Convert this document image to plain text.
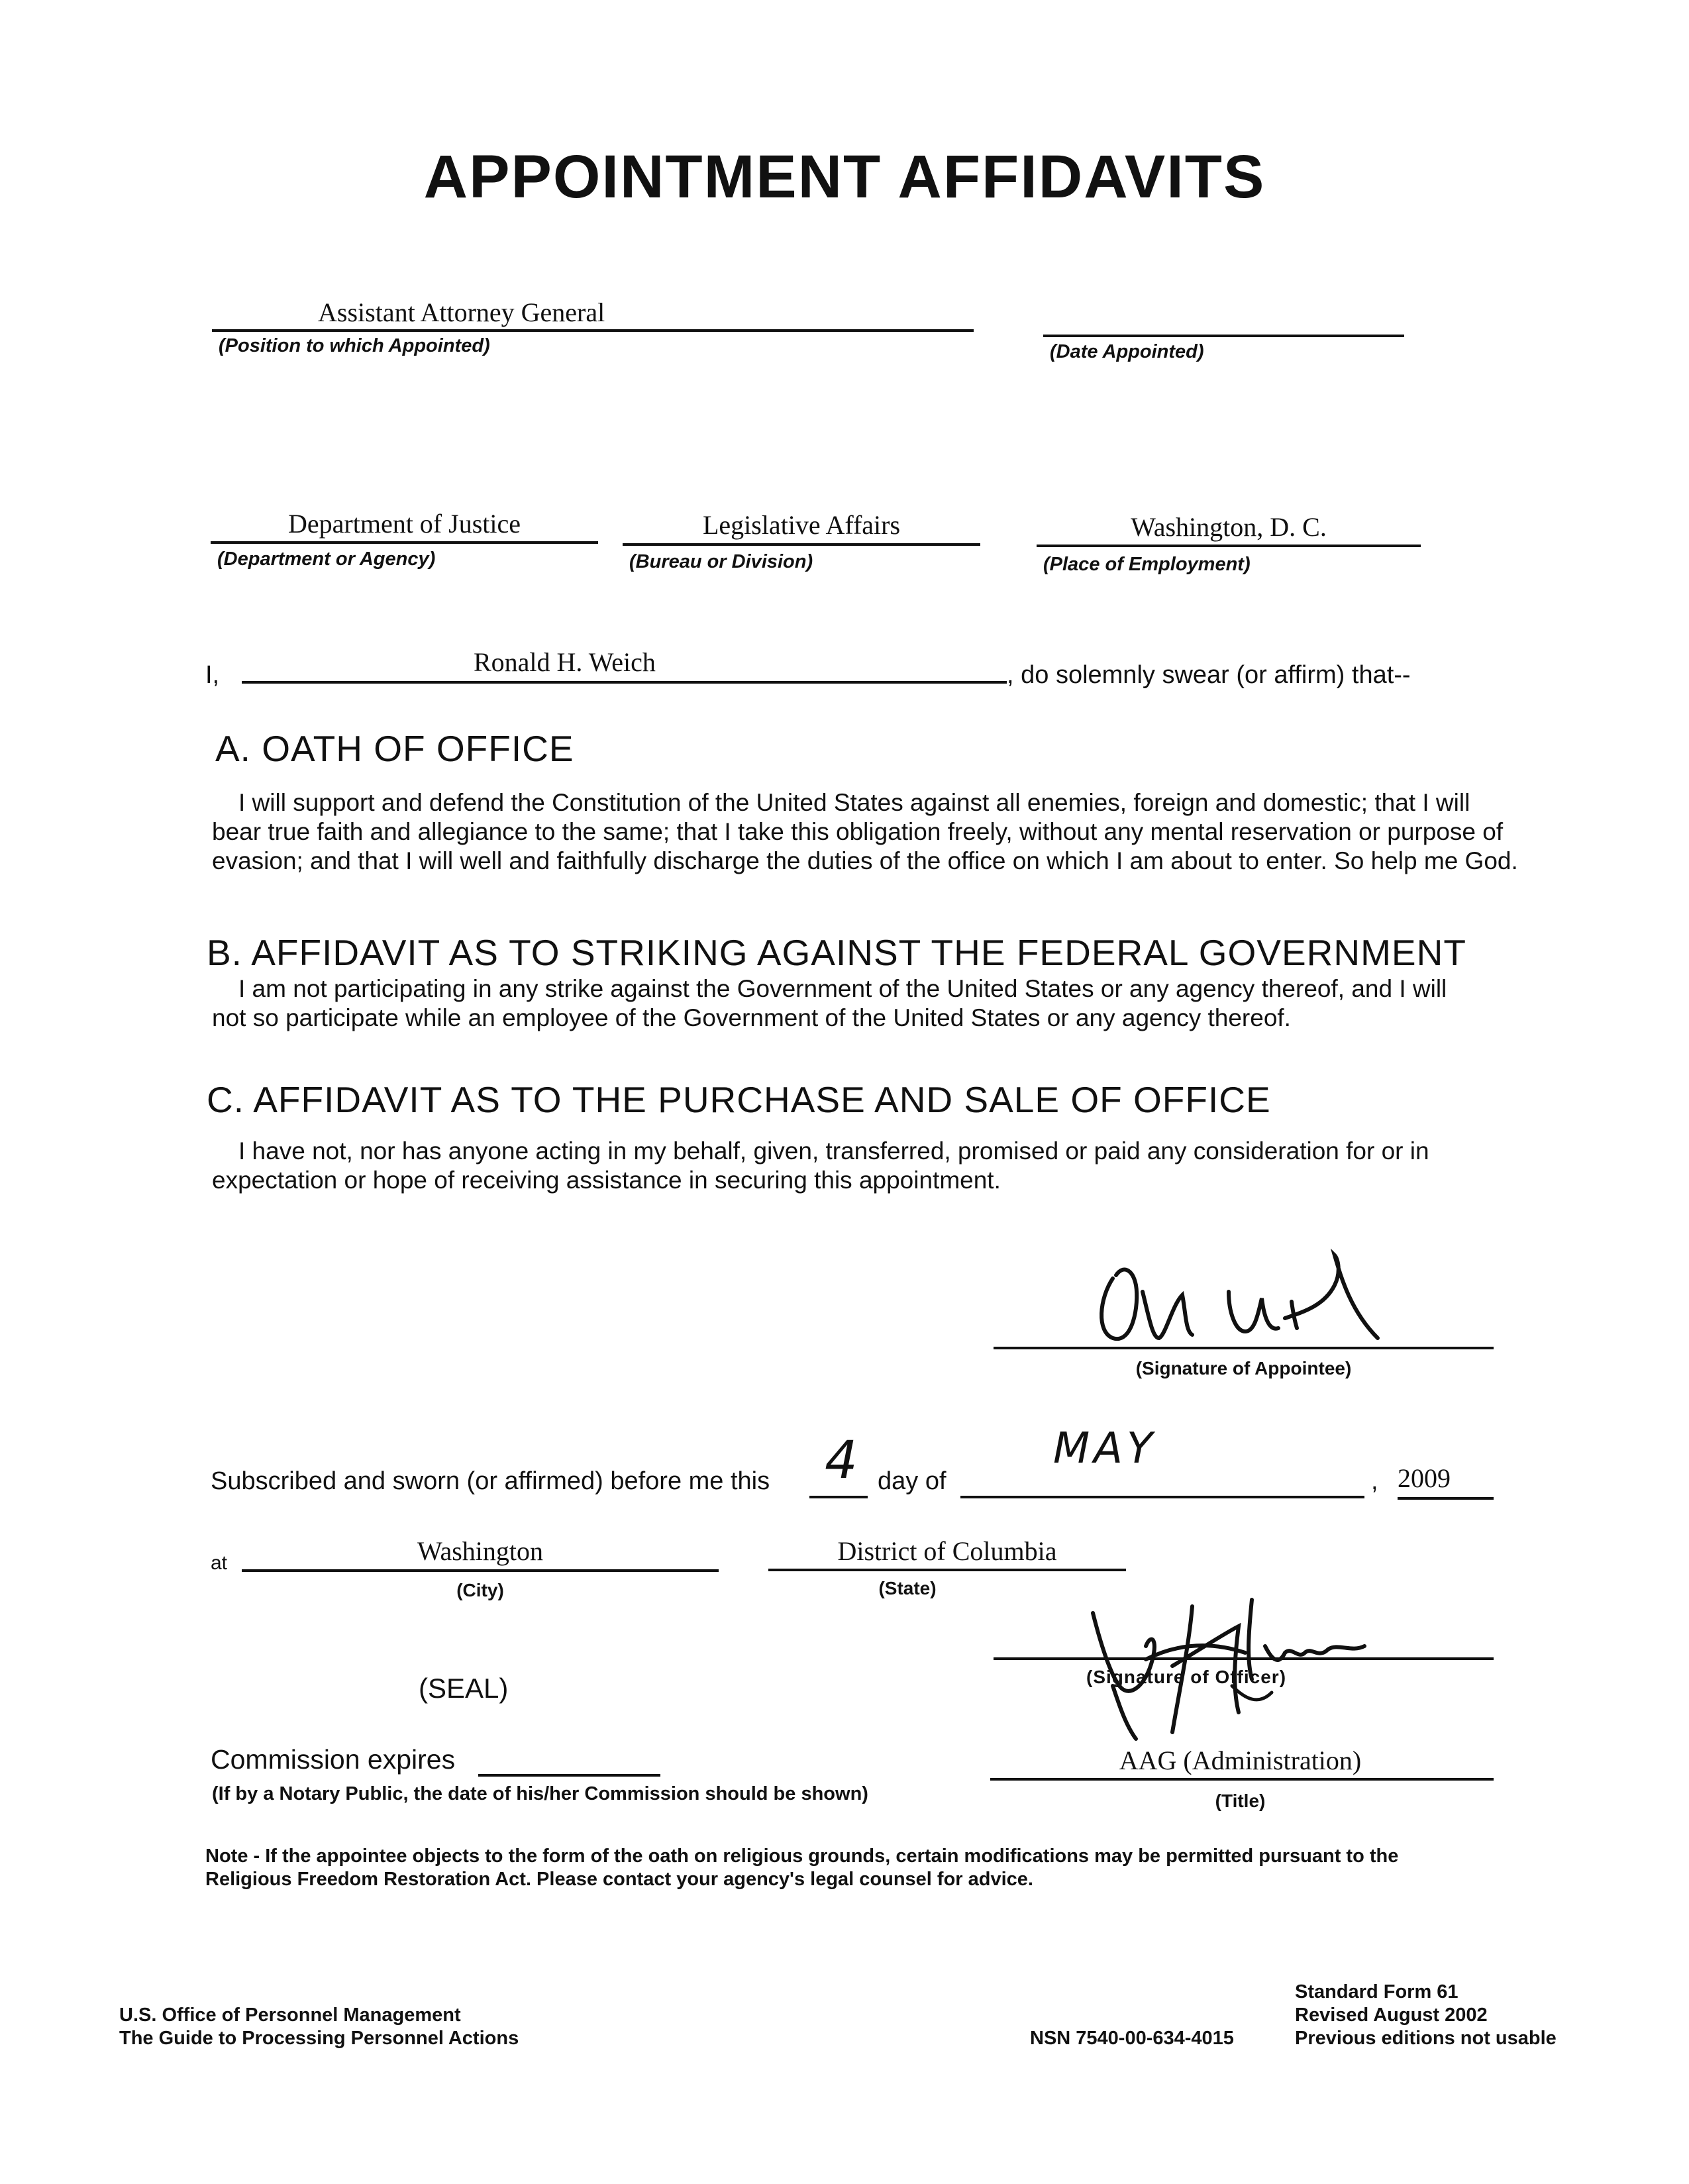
APPOINTMENT AFFIDAVITS
Assistant Attorney General
(Position to which Appointed)	(Date Appointed)
Department of Justice
(Department or Agency)
Legislative Affairs
(Bureau or Division)
Washington, D. C.
(Place of Employment)
I,	Ronald H. Weich	, do solemnly swear (or affirm) that--
A. OATH OF OFFICE
I will support and defend the Constitution of the United States against all enemies, foreign and domestic; that I will bear true faith and allegiance to the same; that I take this obligation freely, without any mental reservation or purpose of evasion; and that I will well and faithfully discharge the duties of the office on which I am about to enter. So help me God.
B. AFFIDAVIT AS TO STRIKING AGAINST THE FEDERAL GOVERNMENT
I am not participating in any strike against the Government of the United States or any agency thereof, and I will not so participate while an employee of the Government of the United States or any agency thereof.
C. AFFIDAVIT AS TO THE PURCHASE AND SALE OF OFFICE
I have not, nor has anyone acting in my behalf, given, transferred, promised or paid any consideration for or in expectation or hope of receiving assistance in securing this appointment.
(Signature of Appointee)
Subscribed and sworn (or affirmed) before me this 4 day of
MAY
, 2009
at	Washington
(City)
District of Columbia
(State)
(SEAL)	(Signature of Officer)
Commission expires
(If by a Notary Public, the date of his/her Commission should be shown)
AAG (Administration)
(Title)
Note - If the appointee objects to the form of the oath on religious grounds, certain modifications may be permitted pursuant to the Religious Freedom Restoration Act. Please contact your agency's legal counsel for advice.
U.S. Office of Personnel Management
The Guide to Processing Personnel Actions	NSN 7540-00-634-4015
Standard Form 61
Revised August 2002
Previous editions not usable
